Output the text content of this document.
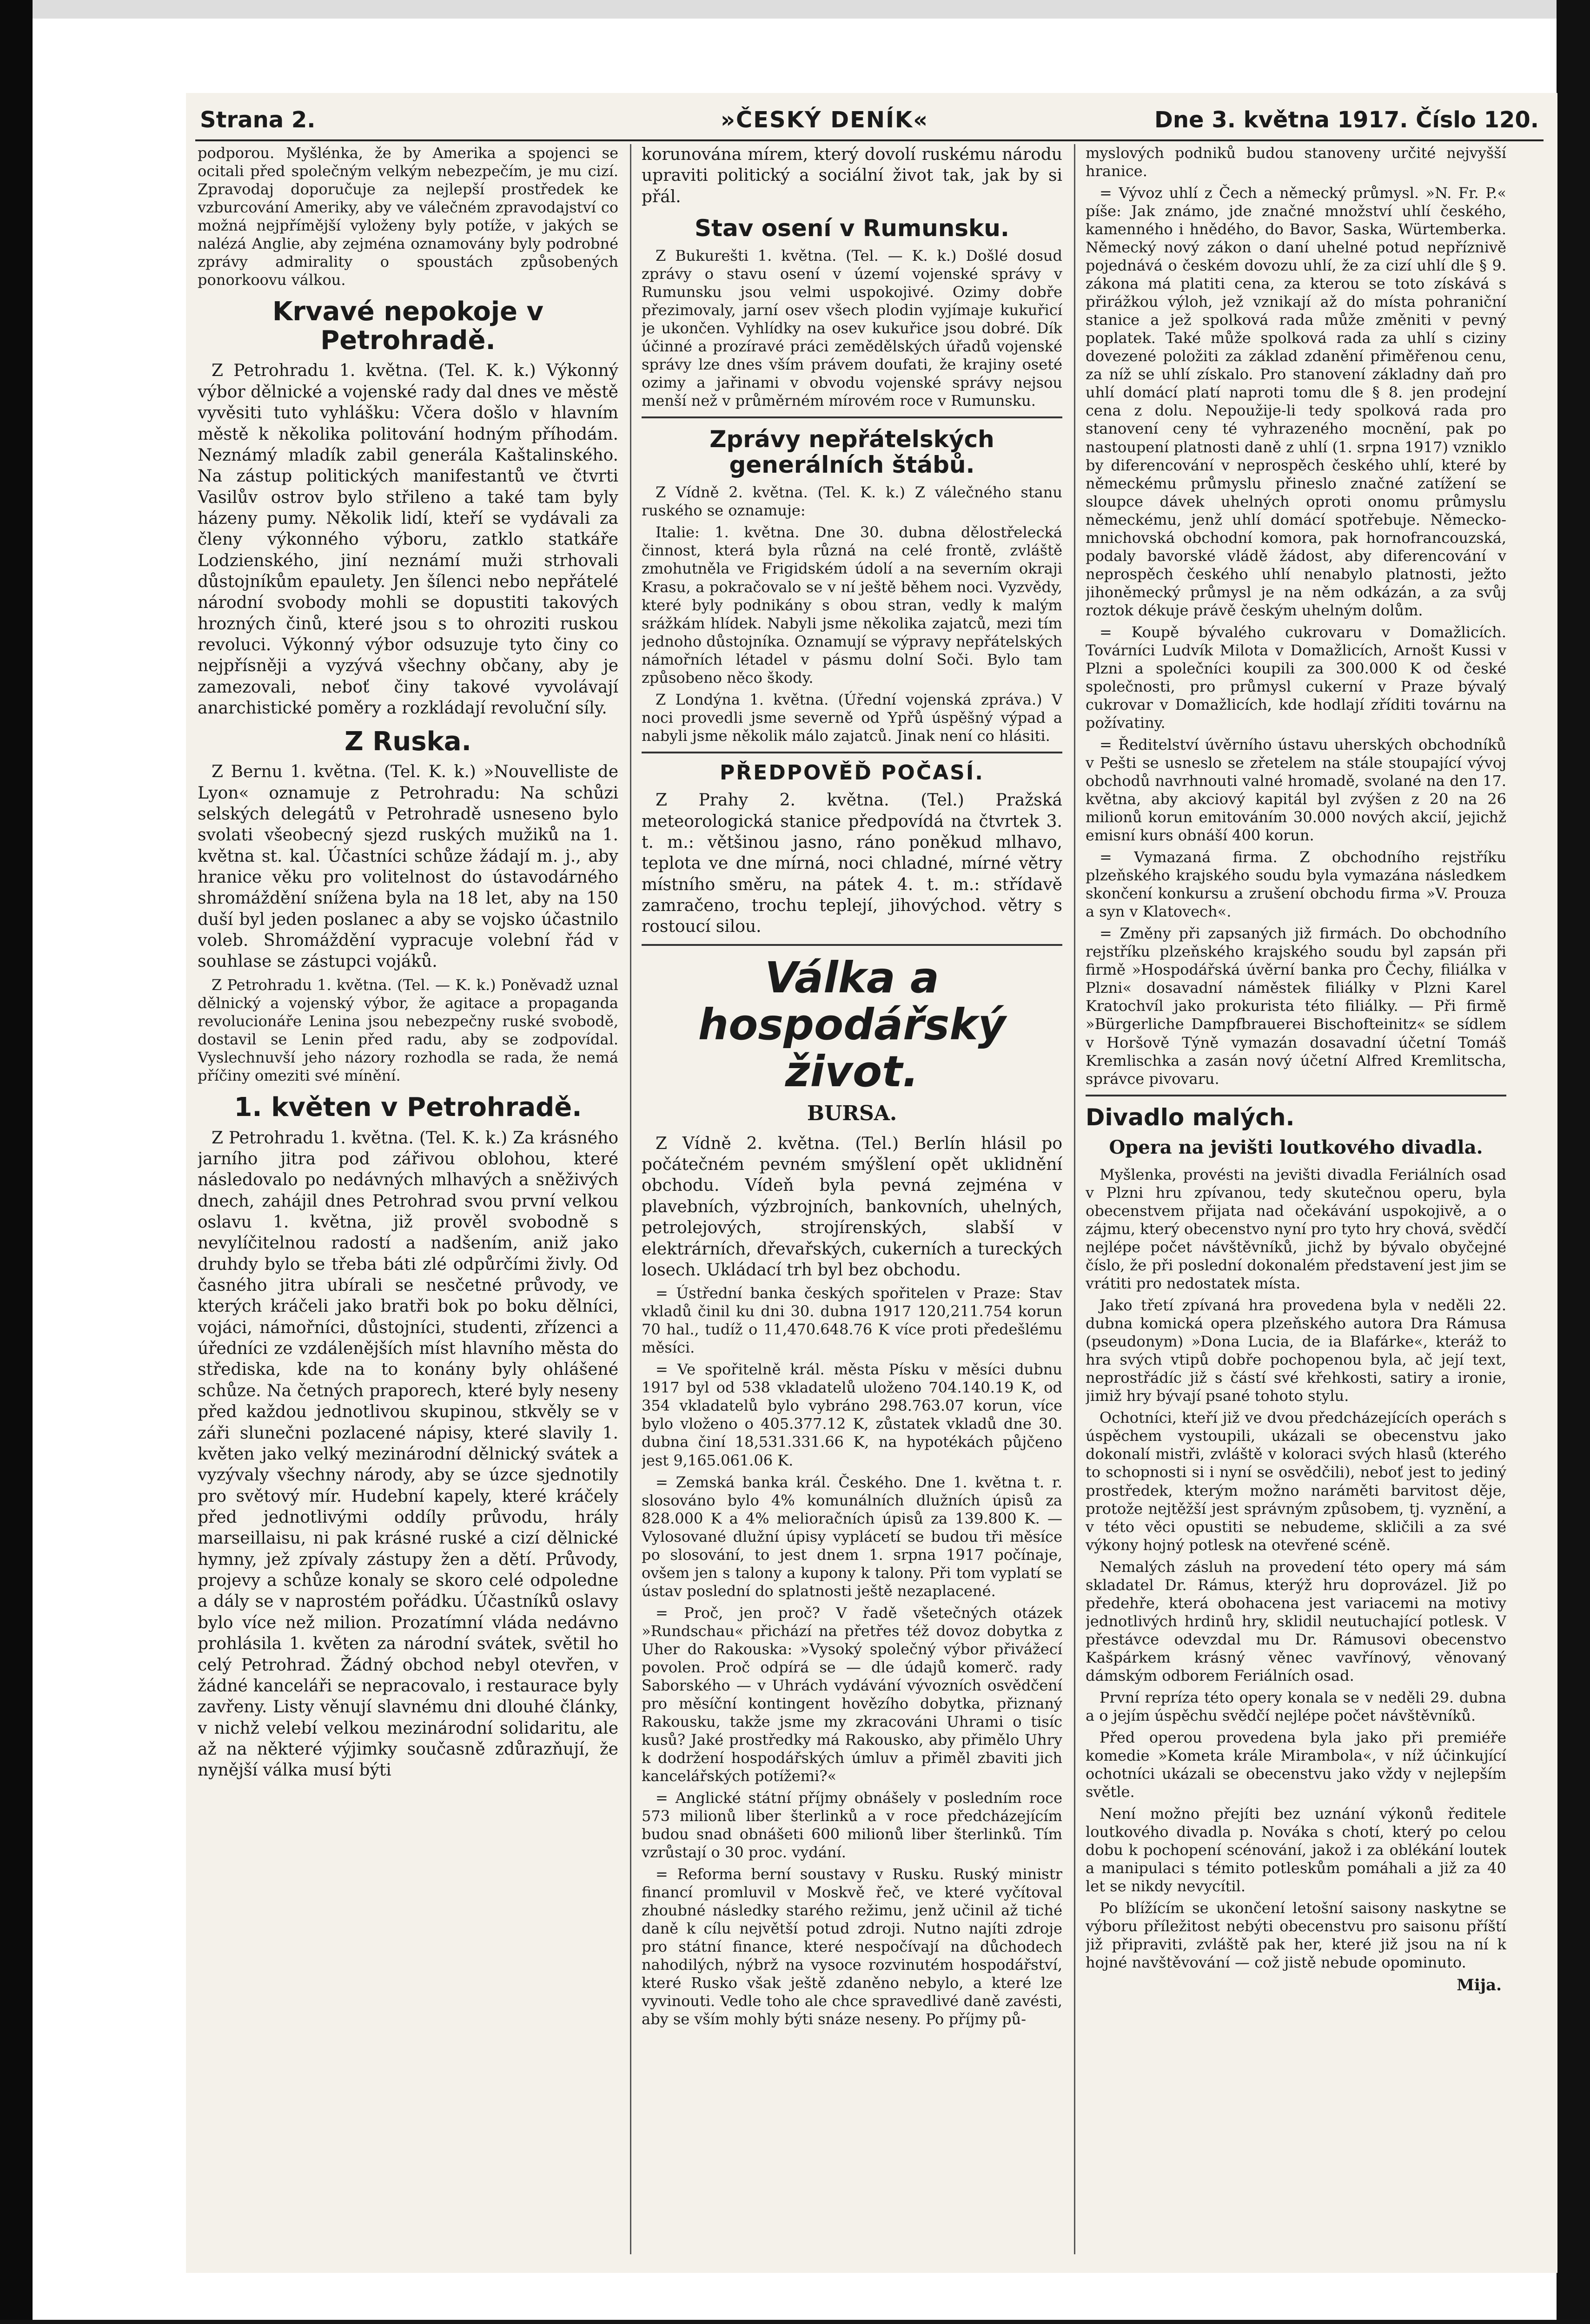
Strana 2.	»ČESKÝ DENÍK«	Dne 3. května 1917. Číslo 120.

podporou. Myšlénka, že by Amerika a spojenci se ocitali před společným velkým nebezpečím, je mu cizí. Zpravodaj doporučuje za nejlepší prostředek ke vzburcování Ameriky, aby ve válečném zpravodajství co možná nejpřímější vyloženy byly potíže, v jakých se nalézá Anglie, aby zejména oznamovány byly podrobné zprávy admirality o spoustách způsobených ponorkoovu válkou.

Krvavé nepokoje v Petrohradě.

Z Petrohradu 1. května. (Tel. K. k.) Výkonný výbor dělnické a vojenské rady dal dnes ve městě vyvěsiti tuto vyhlášku: Včera došlo v hlavním městě k několika politování hodným příhodám. Neznámý mladík zabil generála Kaštalinského. Na zástup politických manifestantů ve čtvrti Vasilův ostrov bylo střileno a také tam byly házeny pumy. Několik lidí, kteří se vydávali za členy výkonného výboru, zatklo statkáře Lodzienského, jiní neznámí muži strhovali důstojníkům epaulety. Jen šílenci nebo nepřátelé národní svobody mohli se dopustiti takových hrozných činů, které jsou s to ohroziti ruskou revoluci. Výkonný výbor odsuzuje tyto činy co nejpřísněji a vyzývá všechny občany, aby je zamezovali, neboť činy takové vyvolávají anarchistické poměry a rozkládají revoluční síly.

Z Ruska.

Z Bernu 1. května. (Tel. K. k.) »Nouvelliste de Lyon« oznamuje z Petrohradu: Na schůzi selských delegátů v Petrohradě usneseno bylo svolati všeobecný sjezd ruských mužiků na 1. května st. kal. Účastníci schůze žádají m. j., aby hranice věku pro volitelnost do ústavodárného shromáždění snížena byla na 18 let, aby na 150 duší byl jeden poslanec a aby se vojsko účastnilo voleb. Shromáždění vypracuje volební řád v souhlase se zástupci vojáků.

Z Petrohradu 1. května. (Tel. — K. k.) Poněvadž uznal dělnický a vojenský výbor, že agitace a propaganda revolucionáře Lenina jsou nebezpečny ruské svobodě, dostavil se Lenin před radu, aby se zodpovídal. Vyslechnuvší jeho názory rozhodla se rada, že nemá příčiny omeziti své mínění.

1. květen v Petrohradě.

Z Petrohradu 1. května. (Tel. K. k.) Za krásného jarního jitra pod zářivou oblohou, které následovalo po nedávných mlhavých a sněživých dnech, zahájil dnes Petrohrad svou první velkou oslavu 1. května, již prověl svobodně s nevylíčitelnou radostí a nadšením, aniž jako druhdy bylo se třeba báti zlé odpůrčími živly. Od časného jitra ubírali se nesčetné průvody, ve kterých kráčeli jako bratři bok po boku dělníci, vojáci, námořníci, důstojníci, studenti, zřízenci a úředníci ze vzdálenějších míst hlavního města do střediska, kde na to konány byly ohlášené schůze. Na četných praporech, které byly neseny před každou jednotlivou skupinou, stkvěly se v záři slunečni pozlacené nápisy, které slavily 1. květen jako velký mezinárodní dělnický svátek a vyzývaly všechny národy, aby se úzce sjednotily pro světový mír. Hudební kapely, které kráčely před jednotlivými oddíly průvodu, hrály marseillaisu, ni pak krásné ruské a cizí dělnické hymny, jež zpívaly zástupy žen a dětí. Průvody, projevy a schůze konaly se skoro celé odpoledne a dály se v naprostém pořádku. Účastníků oslavy bylo více než milion. Prozatímní vláda nedávno prohlásila 1. květen za národní svátek, světil ho celý Petrohrad. Žádný obchod nebyl otevřen, v žádné kanceláři se nepracovalo, i restaurace byly zavřeny. Listy věnují slavnému dni dlouhé články, v nichž velebí velkou mezinárodní solidaritu, ale až na některé výjimky současně zdůrazňují, že nynější válka musí býti

korunována mírem, který dovolí ruskému národu upraviti politický a sociální život tak, jak by si přál.

Stav osení v Rumunsku.

Z Bukurešti 1. května. (Tel. — K. k.) Došlé dosud zprávy o stavu osení v území vojenské správy v Rumunsku jsou velmi uspokojivé. Ozimy dobře přezimovaly, jarní osev všech plodin vyjímaje kukuřicí je ukončen. Vyhlídky na osev kukuřice jsou dobré. Dík účinné a prozíravé práci zemědělských úřadů vojenské správy lze dnes vším právem doufati, že krajiny oseté ozimy a jařinami v obvodu vojenské správy nejsou menší než v průměrném mírovém roce v Rumunsku.

Zprávy nepřátelských generálních štábů.

Z Vídně 2. května. (Tel. K. k.) Z válečného stanu ruského se oznamuje:

Italie: 1. května. Dne 30. dubna dělostřelecká činnost, která byla různá na celé frontě, zvláště zmohutněla ve Frigidském údolí a na severním okraji Krasu, a pokračovalo se v ní ještě během noci. Vyzvědy, které byly podnikány s obou stran, vedly k malým srážkám hlídek. Nabyli jsme několika zajatců, mezi tím jednoho důstojníka. Oznamují se výpravy nepřátelských námořních létadel v pásmu dolní Soči. Bylo tam způsobeno něco škody.

Z Londýna 1. května. (Úřední vojenská zpráva.) V noci provedli jsme severně od Ypřů úspěšný výpad a nabyli jsme několik málo zajatců. Jinak není co hlásiti.

PŘEDPOVĚĎ POČASÍ.

Z Prahy 2. května. (Tel.) Pražská meteorologická stanice předpovídá na čtvrtek 3. t. m.: většinou jasno, ráno poněkud mlhavo, teplota ve dne mírná, noci chladné, mírné větry místního směru, na pátek 4. t. m.: střídavě zamračeno, trochu teplejí, jihovýchod. větry s rostoucí silou.

Válka a hospodářský život.
BURSA.

Z Vídně 2. května. (Tel.) Berlín hlásil po počátečném pevném smýšlení opět uklidnění obchodu. Vídeň byla pevná zejména v plavebních, výzbrojních, bankovních, uhelných, petrolejových, strojírenských, slabší v elektrárních, dřevařských, cukerních a tureckých losech. Ukládací trh byl bez obchodu.

= Ústřední banka českých spořitelen v Praze: Stav vkladů činil ku dni 30. dubna 1917 120,211.754 korun 70 hal., tudíž o 11,470.648.76 K více proti předešlému měsíci.

= Ve spořitelně král. města Písku v měsíci dubnu 1917 byl od 538 vkladatelů uloženo 704.140.19 K, od 354 vkladatelů bylo vybráno 298.763.07 korun, více bylo vloženo o 405.377.12 K, zůstatek vkladů dne 30. dubna činí 18,531.331.66 K, na hypotékách půjčeno jest 9,165.061.06 K.

= Zemská banka král. Českého. Dne 1. května t. r. slosováno bylo 4% komunálních dlužních úpisů za 828.000 K a 4% melioračních úpisů za 139.800 K. — Vylosované dlužní úpisy vyplácetí se budou tři měsíce po slosování, to jest dnem 1. srpna 1917 počínaje, ovšem jen s talony a kupony k talony. Při tom vyplatí se ústav poslední do splatnosti ještě nezaplacené.

= Proč, jen proč? V řadě všetečných otázek »Rundschau« přichází na přetřes též dovoz dobytka z Uher do Rakouska: »Vysoký společný výbor přivážecí povolen. Proč odpírá se — dle údajů komerč. rady Saborského — v Uhrách vydávání vývozních osvědčení pro měsíční kontingent hovězího dobytka, přiznaný Rakousku, takže jsme my zkracováni Uhrami o tisíc kusů? Jaké prostředky má Rakousko, aby přimělo Uhry k dodržení hospodářských úmluv a přiměl zbaviti jich kancelářských potížemi?«

= Anglické státní příjmy obnášely v posledním roce 573 milionů liber šterlinků a v roce předcházejícím budou snad obnášeti 600 milionů liber šterlinků. Tím vzrůstají o 30 proc. vydání.

= Reforma berní soustavy v Rusku. Ruský ministr financí promluvil v Moskvě řeč, ve které vyčítoval zhoubné následky starého režimu, jenž učinil až tiché daně k cílu největší potud zdroji. Nutno najíti zdroje pro státní finance, které nespočívají na důchodech nahodilých, nýbrž na vysoce rozvinutém hospodářství, které Rusko však ještě zdaněno nebylo, a které lze vyvinouti. Vedle toho ale chce spravedlivé daně zavésti, aby se vším mohly býti snáze neseny. Po příjmy pů-

myslových podniků budou stanoveny určité nejvyšší hranice.

= Vývoz uhlí z Čech a německý průmysl. »N. Fr. P.« píše: Jak známo, jde značné množství uhlí českého, kamenného i hnědého, do Bavor, Saska, Würtemberka. Německý nový zákon o daní uhelné potud nepříznivě pojednává o českém dovozu uhlí, že za cizí uhlí dle § 9. zákona má platiti cena, za kterou se toto získává s přirážkou výloh, jež vznikají až do místa pohraniční stanice a jež spolková rada může změniti v pevný poplatek. Také může spolková rada za uhlí s ciziny dovezené položiti za základ zdanění přiměřenou cenu, za níž se uhlí získalo. Pro stanovení základny daň pro uhlí domácí platí naproti tomu dle § 8. jen prodejní cena z dolu. Nepoužije-li tedy spolková rada pro stanovení ceny té vyhrazeného mocnění, pak po nastoupení platnosti daně z uhlí (1. srpna 1917) vzniklo by diferencování v neprospěch českého uhlí, které by německému průmyslu přineslo značné zatížení se sloupce dávek uhelných oproti onomu průmyslu německému, jenž uhlí domácí spotřebuje. Německo-mnichovská obchodní komora, pak hornofrancouzská, podaly bavorské vládě žádost, aby diferencování v neprospěch českého uhlí nenabylo platnosti, ježto jihoněmecký průmysl je na něm odkázán, a za svůj roztok dékuje právě českým uhelným dolům.

= Koupě bývalého cukrovaru v Domažlicích. Továrníci Ludvík Milota v Domažlicích, Arnošt Kussi v Plzni a společníci koupili za 300.000 K od české společnosti, pro průmysl cukerní v Praze bývalý cukrovar v Domažlicích, kde hodlají zříditi továrnu na požívatiny.

= Ředitelství úvěrního ústavu uherských obchodníků v Pešti se usneslo se zřetelem na stále stoupající vývoj obchodů navrhnouti valné hromadě, svolané na den 17. května, aby akciový kapitál byl zvýšen z 20 na 26 milionů korun emitováním 30.000 nových akcií, jejichž emisní kurs obnáší 400 korun.

= Vymazaná firma. Z obchodního rejstříku plzeňského krajského soudu byla vymazána následkem skončení konkursu a zrušení obchodu firma »V. Prouza a syn v Klatovech«.

= Změny při zapsaných již firmách. Do obchodního rejstříku plzeňského krajského soudu byl zapsán při firmě »Hospodářská úvěrní banka pro Čechy, filiálka v Plzni« dosavadní náměstek filiálky v Plzni Karel Kratochvíl jako prokurista této filiálky. — Při firmě »Bürgerliche Dampfbrauerei Bischofteinitz« se sídlem v Horšově Týně vymazán dosavadní účetní Tomáš Kremlischka a zasán nový účetní Alfred Kremlitscha, správce pivovaru.

Divadlo malých.
Opera na jevišti loutkového divadla.

Myšlenka, provésti na jevišti divadla Feriálních osad v Plzni hru zpívanou, tedy skutečnou operu, byla obecenstvem přijata nad očekávání uspokojivě, a o zájmu, který obecenstvo nyní pro tyto hry chová, svědčí nejlépe počet návštěvníků, jichž by bývalo obyčejné číslo, že při poslední dokonalém představení jest jim se vrátiti pro nedostatek místa.

Jako třetí zpívaná hra provedena byla v neděli 22. dubna komická opera plzeňského autora Dra Rámusa (pseudonym) »Dona Lucia, de ia Blafárke«, kteráž to hra svých vtipů dobře pochopenou byla, ač její text, neprostřádíc již s částí své křehkosti, satiry a ironie, jimiž hry bývají psané tohoto stylu.

Ochotníci, kteří již ve dvou předcházejících operách s úspěchem vystoupili, ukázali se obecenstvu jako dokonalí mistři, zvláště v koloraci svých hlasů (kterého to schopnosti si i nyní se osvědčili), neboť jest to jediný prostředek, kterým možno naráměti barvitost děje, protože nejtěžší jest správným způsobem, tj. vyznění, a v této věci opustiti se nebudeme, skličili a za své výkony hojný potlesk na otevřené scéně.

Nemalých zásluh na provedení této opery má sám skladatel Dr. Rámus, kterýž hru doprovázel. Již po předehře, která obohacena jest variacemi na motivy jednotlivých hrdinů hry, sklidil neutuchající potlesk. V přestávce odevzdal mu Dr. Rámusovi obecenstvo Kašpárkem krásný věnec vavřínový, věnovaný dámským odborem Feriálních osad.

První repríza této opery konala se v neděli 29. dubna a o jejím úspěchu svědčí nejlépe počet návštěvníků.

Před operou provedena byla jako při premiéře komedie »Kometa krále Mirambola«, v níž účinkující ochotníci ukázali se obecenstvu jako vždy v nejlepším světle.

Není možno přejíti bez uznání výkonů ředitele loutkového divadla p. Nováka s chotí, který po celou dobu k pochopení scénování, jakož i za oblékání loutek a manipulaci s témito potleskům pomáhali a již za 40 let se nikdy nevycítil.

Po blížícím se ukončení letošní saisony naskytne se výboru příležitost nebýti obecenstvu pro saisonu příští již připraviti, zvláště pak her, které již jsou na ní k hojné navštěvování — což jistě nebude opominuto.

Mija.
